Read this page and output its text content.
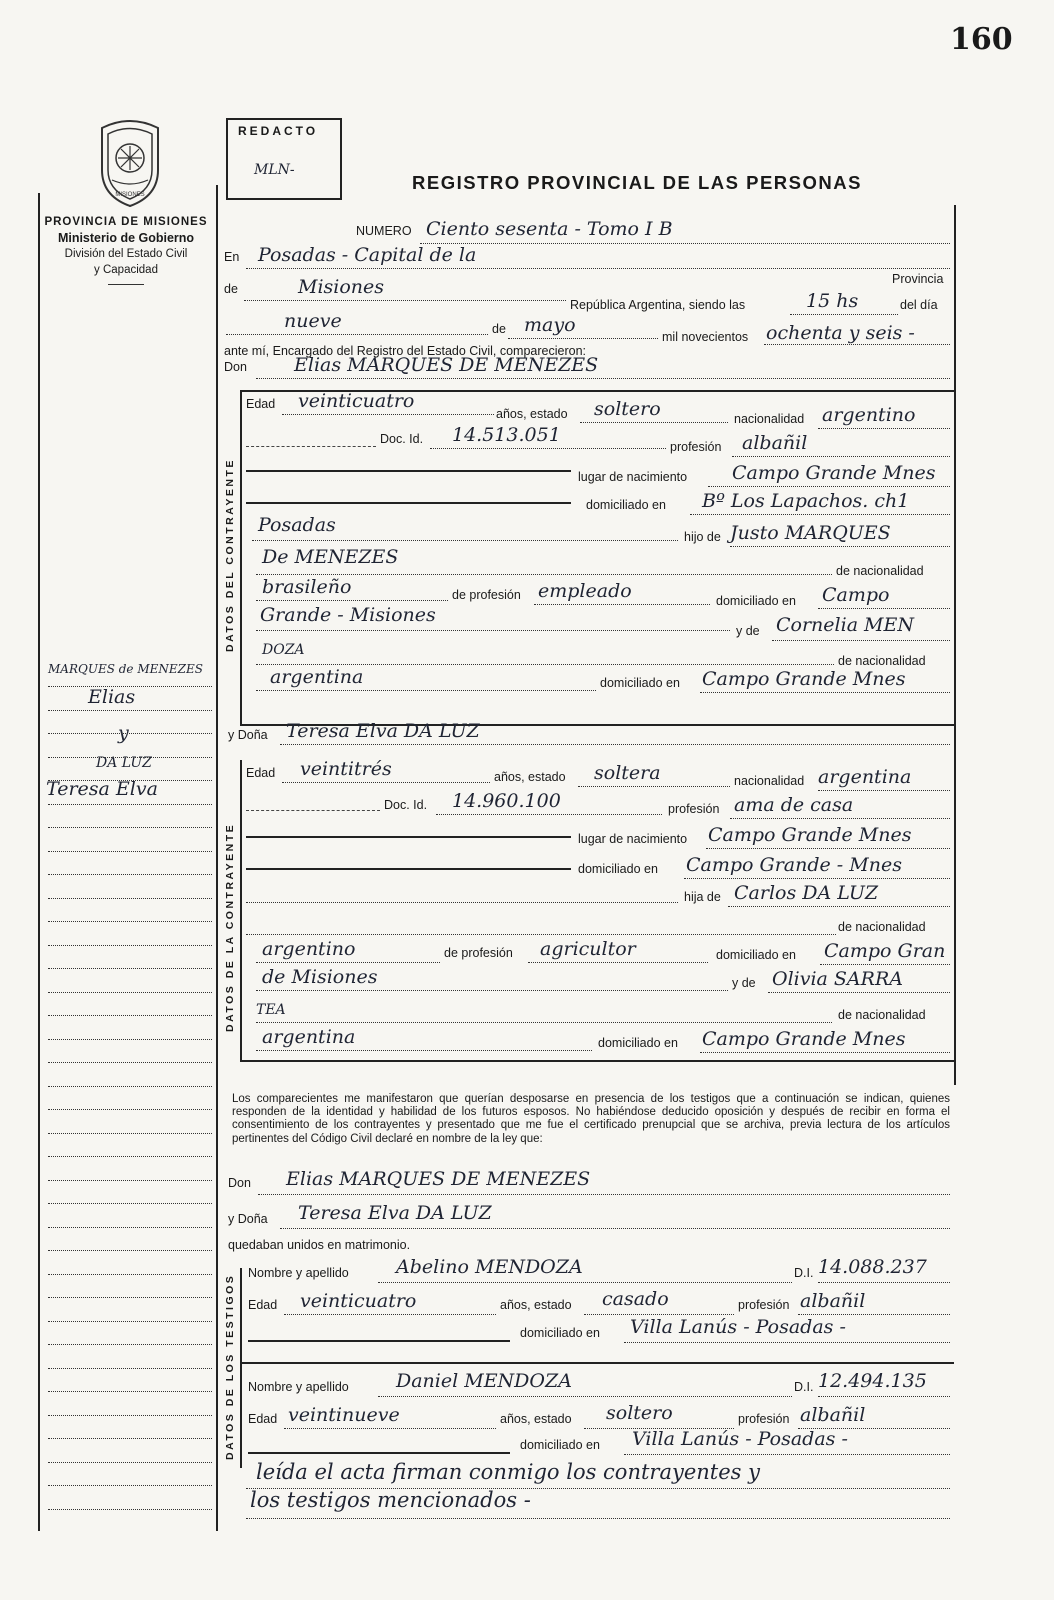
160
MISIONES
PROVINCIA DE MISIONES
Ministerio de Gobierno
División del Estado Civil
y Capacidad
REDACTO
MLN-
REGISTRO PROVINCIAL DE LAS PERSONAS
MARQUES de MENEZES
Elias
y
DA LUZ
Teresa Elva
DATOS DEL CONTRAYENTE
DATOS DE LA CONTRAYENTE
DATOS DE LOS TESTIGOS
NUMERO Ciento sesenta - Tomo I B
En Posadas - Capital de la
Provincia
de	Misiones
República Argentina, siendo las	15 hs	del día
nueve	de mayo
mil novecientos ochenta y seis -
ante mí, Encargado del Registro del Estado Civil, comparecieron:
Don Elias MARQUES DE MENEZES
Edad veinticuatro
años, estado soltero	nacionalidad argentino
Doc. Id. 14.513.051
profesión albañil
lugar de nacimiento Campo Grande Mnes
domiciliado en Bº Los Lapachos. ch1
Posadas
hijo de Justo MARQUES
De MENEZES
de nacionalidad
brasileño	de profesión empleado	domiciliado en Campo
Grande - Misiones
y de Cornelia MEN
DOZA
de nacionalidad
argentina	domiciliado en Campo Grande Mnes
y Doña Teresa Elva DA LUZ
Edad veintitrés	años, estado soltera	nacionalidad argentina
Doc. Id. 14.960.100	profesión ama de casa
lugar de nacimiento Campo Grande Mnes
domiciliado en Campo Grande - Mnes
hija de Carlos DA LUZ
de nacionalidad
argentino	de profesión agricultor	domiciliado en Campo Gran
de Misiones	y de Olivia SARRA
TEA	de nacionalidad
argentina	domiciliado en Campo Grande Mnes
Los comparecientes me manifestaron que querían desposarse en presencia de los testigos que a continuación se indican, quienes responden de la identidad y habilidad de los futuros esposos. No habiéndose deducido oposición y después de recibir en forma el consentimiento de los contrayentes y presentado que me fue el certificado prenupcial que se archiva, previa lectura de los artículos pertinentes del Código Civil declaré en nombre de la ley que:
Don Elias MARQUES DE MENEZES
y Doña Teresa Elva DA LUZ
quedaban unidos en matrimonio.
Nombre y apellido Abelino MENDOZA	D.I. 14.088.237
Edad veinticuatro	años, estado casado	profesión albañil
domiciliado en Villa Lanús - Posadas -
Nombre y apellido Daniel MENDOZA	D.I. 12.494.135
Edad veintinueve	años, estado soltero	profesión albañil
domiciliado en Villa Lanús - Posadas -
leída el acta firman conmigo los contrayentes y
los testigos mencionados -
